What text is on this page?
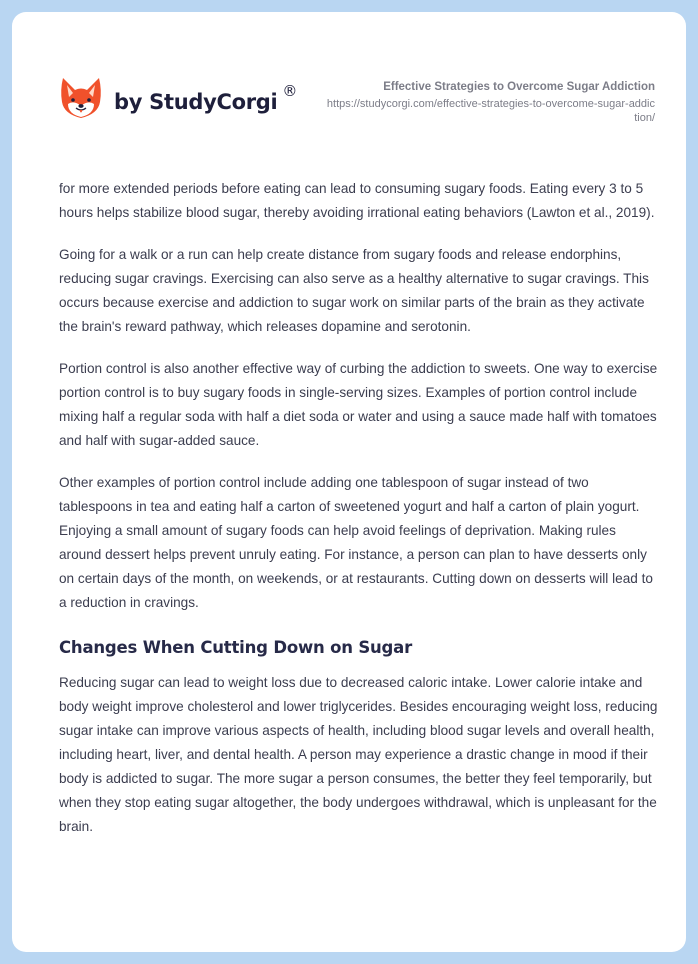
by StudyCorgi ®	Effective Strategies to Overcome Sugar Addiction
https://studycorgi.com/effective-strategies-to-overcome-sugar-addiction/

for more extended periods before eating can lead to consuming sugary foods. Eating every 3 to 5 hours helps stabilize blood sugar, thereby avoiding irrational eating behaviors (Lawton et al., 2019).

Going for a walk or a run can help create distance from sugary foods and release endorphins, reducing sugar cravings. Exercising can also serve as a healthy alternative to sugar cravings. This occurs because exercise and addiction to sugar work on similar parts of the brain as they activate the brain's reward pathway, which releases dopamine and serotonin.

Portion control is also another effective way of curbing the addiction to sweets. One way to exercise portion control is to buy sugary foods in single-serving sizes. Examples of portion control include mixing half a regular soda with half a diet soda or water and using a sauce made half with tomatoes and half with sugar-added sauce.

Other examples of portion control include adding one tablespoon of sugar instead of two tablespoons in tea and eating half a carton of sweetened yogurt and half a carton of plain yogurt. Enjoying a small amount of sugary foods can help avoid feelings of deprivation. Making rules around dessert helps prevent unruly eating. For instance, a person can plan to have desserts only on certain days of the month, on weekends, or at restaurants. Cutting down on desserts will lead to a reduction in cravings.

Changes When Cutting Down on Sugar

Reducing sugar can lead to weight loss due to decreased caloric intake. Lower calorie intake and body weight improve cholesterol and lower triglycerides. Besides encouraging weight loss, reducing sugar intake can improve various aspects of health, including blood sugar levels and overall health, including heart, liver, and dental health. A person may experience a drastic change in mood if their body is addicted to sugar. The more sugar a person consumes, the better they feel temporarily, but when they stop eating sugar altogether, the body undergoes withdrawal, which is unpleasant for the brain.
